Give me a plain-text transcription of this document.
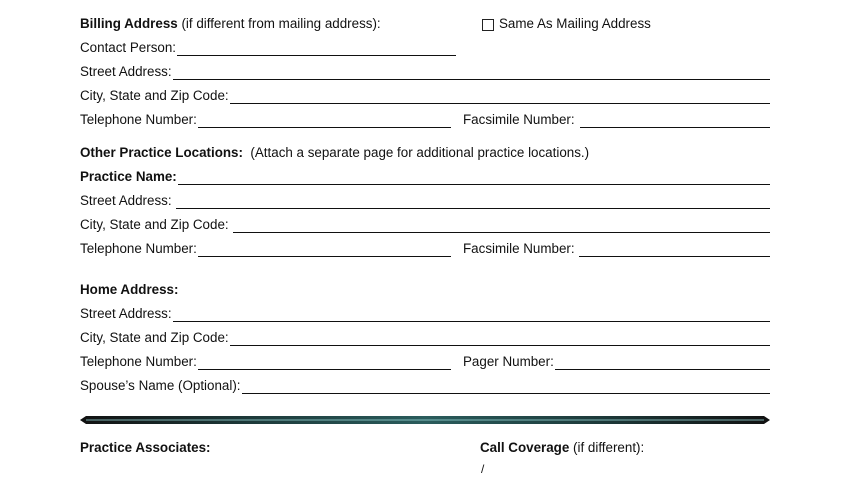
Billing Address (if different from mailing address):	Same As Mailing Address
Contact Person:
Street Address:
City, State and Zip Code:
Telephone Number:	Facsimile Number:
Other Practice Locations: (Attach a separate page for additional practice locations.)
Practice Name:
Street Address:
City, State and Zip Code:
Telephone Number:	Facsimile Number:
Home Address:
Street Address:
City, State and Zip Code:
Telephone Number:	Pager Number:
Spouse’s Name (Optional):
Practice Associates:	Call Coverage (if different):
/
